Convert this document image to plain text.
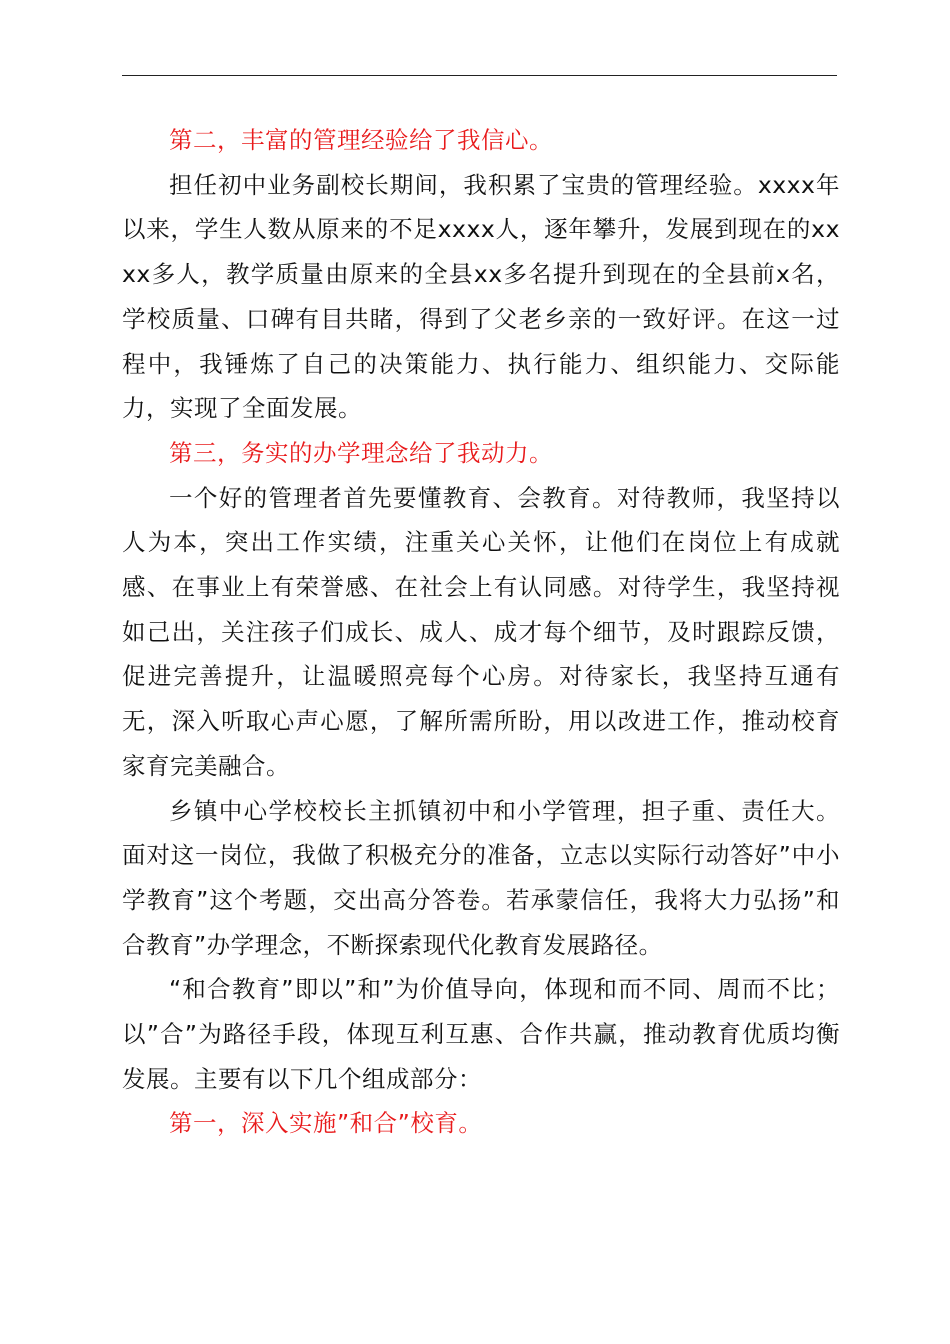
第二，丰富的管理经验给了我信心。

担任初中业务副校长期间，我积累了宝贵的管理经验。xxxx年以来，学生人数从原来的不足xxxx人，逐年攀升，发展到现在的xxxx多人，教学质量由原来的全县xx多名提升到现在的全县前x名，学校质量、口碑有目共睹，得到了父老乡亲的一致好评。在这一过程中，我锤炼了自己的决策能力、执行能力、组织能力、交际能力，实现了全面发展。

第三，务实的办学理念给了我动力。

一个好的管理者首先要懂教育、会教育。对待教师，我坚持以人为本，突出工作实绩，注重关心关怀，让他们在岗位上有成就感、在事业上有荣誉感、在社会上有认同感。对待学生，我坚持视如己出，关注孩子们成长、成人、成才每个细节，及时跟踪反馈，促进完善提升，让温暖照亮每个心房。对待家长，我坚持互通有无，深入听取心声心愿，了解所需所盼，用以改进工作，推动校育家育完美融合。

乡镇中心学校校长主抓镇初中和小学管理，担子重、责任大。面对这一岗位，我做了积极充分的准备，立志以实际行动答好”中小学教育”这个考题，交出高分答卷。若承蒙信任，我将大力弘扬”和合教育”办学理念，不断探索现代化教育发展路径。

“和合教育”即以”和”为价值导向，体现和而不同、周而不比；以”合”为路径手段，体现互利互惠、合作共赢，推动教育优质均衡发展。主要有以下几个组成部分：

第一，深入实施”和合”校育。
